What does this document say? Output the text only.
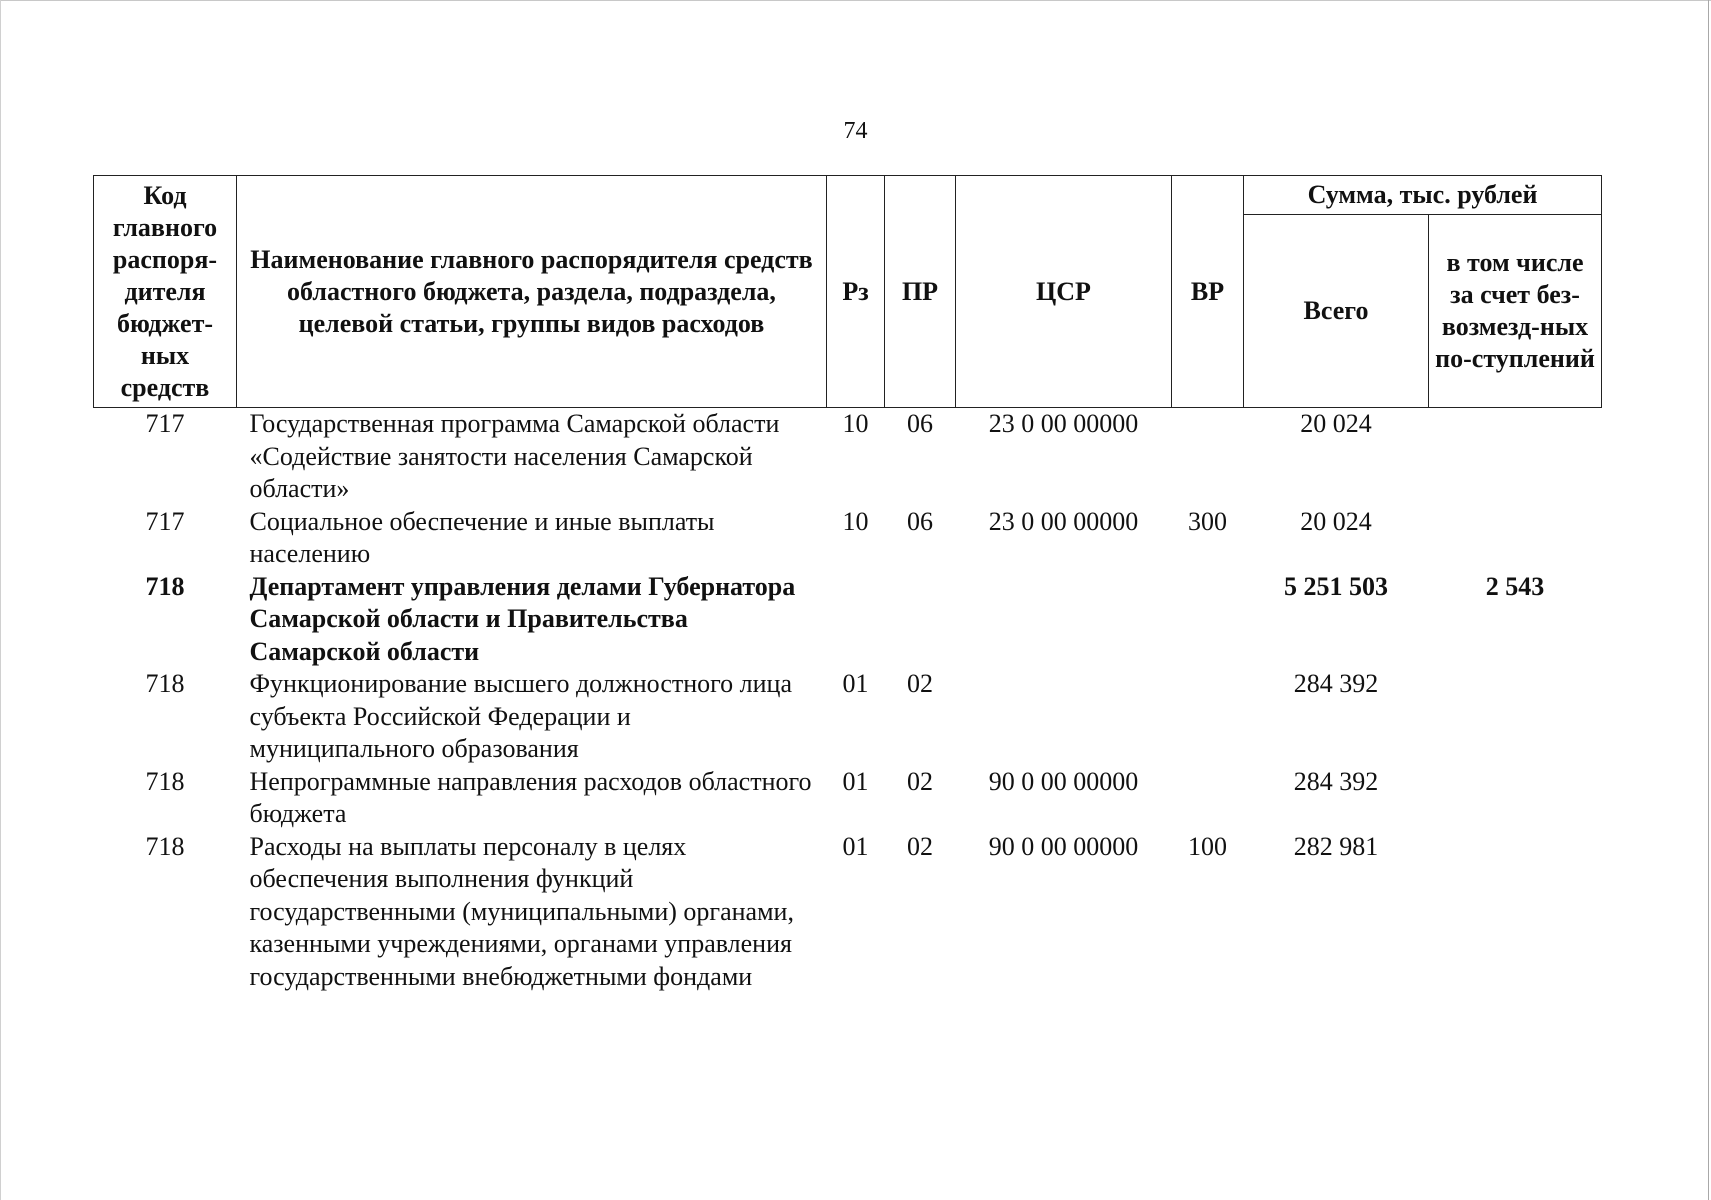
74
Код главного распоря-дителя бюджет-ных средств	Наименование главного распорядителя средств областного бюджета, раздела, подраздела, целевой статьи, группы видов расходов	Рз	ПР	ЦСР	ВР	Сумма, тыс. рублей	
						Всего	в том числе за счет без-возмезд-ных по-ступлений
717	Государственная программа Самарской области «Содействие занятости населения Самарской области»	10	06	23 0 00 00000		20 024	
717	Социальное обеспечение и иные выплаты населению	10	06	23 0 00 00000	300	20 024	
718	Департамент управления делами Губернатора Самарской области и Правительства Самарской области					5 251 503	2 543
718	Функционирование высшего должностного лица субъекта Российской Федерации и муниципального образования	01	02			284 392	
718	Непрограммные направления расходов областного бюджета	01	02	90 0 00 00000		284 392	
718	Расходы на выплаты персоналу в целях обеспечения выполнения функций государственными (муниципальными) органами, казенными учреждениями, органами управления государственными внебюджетными фондами	01	02	90 0 00 00000	100	282 981	
